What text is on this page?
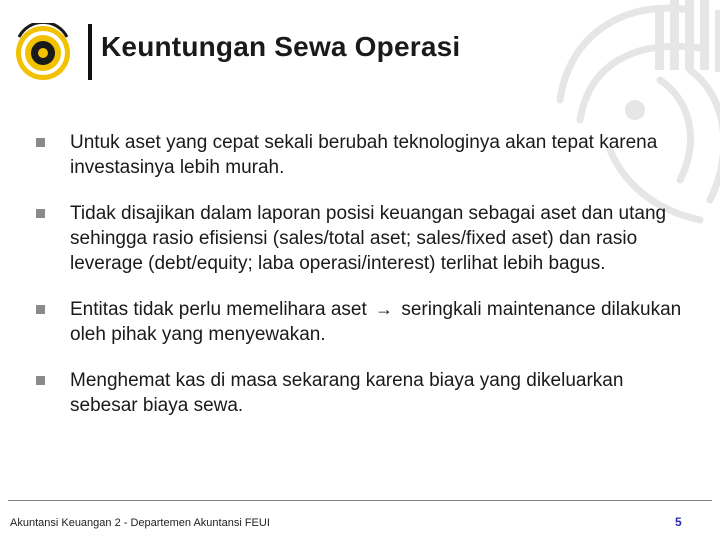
Keuntungan Sewa Operasi
Untuk aset yang cepat sekali berubah teknologinya akan tepat karena investasinya lebih murah.
Tidak disajikan dalam laporan posisi keuangan sebagai aset dan utang sehingga rasio efisiensi (sales/total aset; sales/fixed aset) dan rasio leverage (debt/equity; laba operasi/interest) terlihat lebih bagus.
Entitas tidak perlu memelihara aset → seringkali maintenance dilakukan oleh pihak yang menyewakan.
Menghemat kas di masa sekarang karena biaya yang dikeluarkan sebesar biaya sewa.
Akuntansi Keuangan 2 - Departemen Akuntansi FEUI	5
